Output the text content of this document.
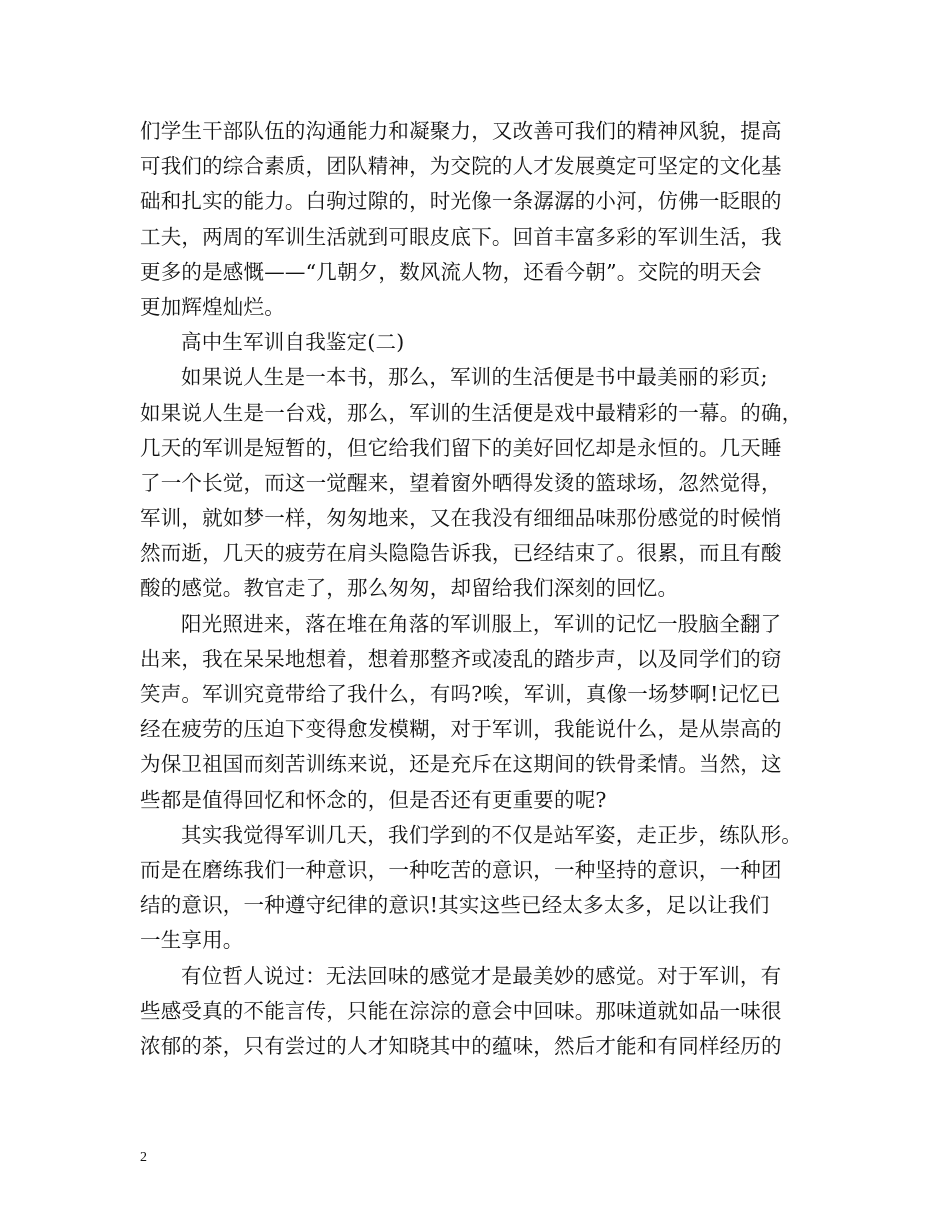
们学生干部队伍的沟通能力和凝聚力，又改善可我们的精神风貌，提高
可我们的综合素质，团队精神，为交院的人才发展奠定可坚定的文化基
础和扎实的能力。白驹过隙的，时光像一条潺潺的小河，仿佛一眨眼的
工夫，两周的军训生活就到可眼皮底下。回首丰富多彩的军训生活，我
更多的是感慨——“几朝夕，数风流人物，还看今朝”。交院的明天会
更加辉煌灿烂。
高中生军训自我鉴定(二)
如果说人生是一本书，那么，军训的生活便是书中最美丽的彩页;
如果说人生是一台戏，那么，军训的生活便是戏中最精彩的一幕。的确，
几天的军训是短暂的，但它给我们留下的美好回忆却是永恒的。几天睡
了一个长觉，而这一觉醒来，望着窗外晒得发烫的篮球场，忽然觉得，
军训，就如梦一样，匆匆地来，又在我没有细细品味那份感觉的时候悄
然而逝，几天的疲劳在肩头隐隐告诉我，已经结束了。很累，而且有酸
酸的感觉。教官走了，那么匆匆，却留给我们深刻的回忆。
阳光照进来，落在堆在角落的军训服上，军训的记忆一股脑全翻了
出来，我在呆呆地想着，想着那整齐或凌乱的踏步声，以及同学们的窃
笑声。军训究竟带给了我什么，有吗?唉，军训，真像一场梦啊!记忆已
经在疲劳的压迫下变得愈发模糊，对于军训，我能说什么，是从崇高的
为保卫祖国而刻苦训练来说，还是充斥在这期间的铁骨柔情。当然，这
些都是值得回忆和怀念的，但是否还有更重要的呢?
其实我觉得军训几天，我们学到的不仅是站军姿，走正步，练队形。
而是在磨练我们一种意识，一种吃苦的意识，一种坚持的意识，一种团
结的意识，一种遵守纪律的意识!其实这些已经太多太多，足以让我们
一生享用。
有位哲人说过：无法回味的感觉才是最美妙的感觉。对于军训，有
些感受真的不能言传，只能在淙淙的意会中回味。那味道就如品一味很
浓郁的茶，只有尝过的人才知晓其中的蕴味，然后才能和有同样经历的
2
